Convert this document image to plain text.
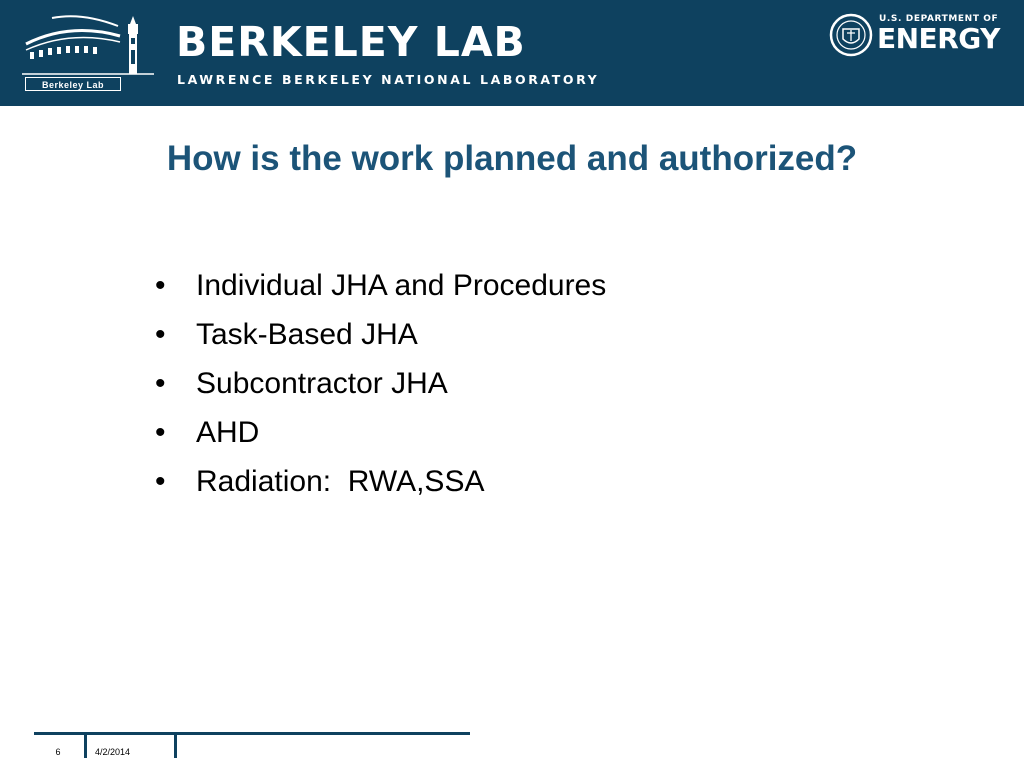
Berkeley Lab
BERKELEY LAB
LAWRENCE BERKELEY NATIONAL LABORATORY
U.S. DEPARTMENT OF
ENERGY
How is the work planned and authorized?

•

	Individual JHA and Procedures

•

	Task-Based JHA

•

	Subcontractor JHA

•

	AHD

•

	Radiation:  RWA,SSA

6	4/2/2014
